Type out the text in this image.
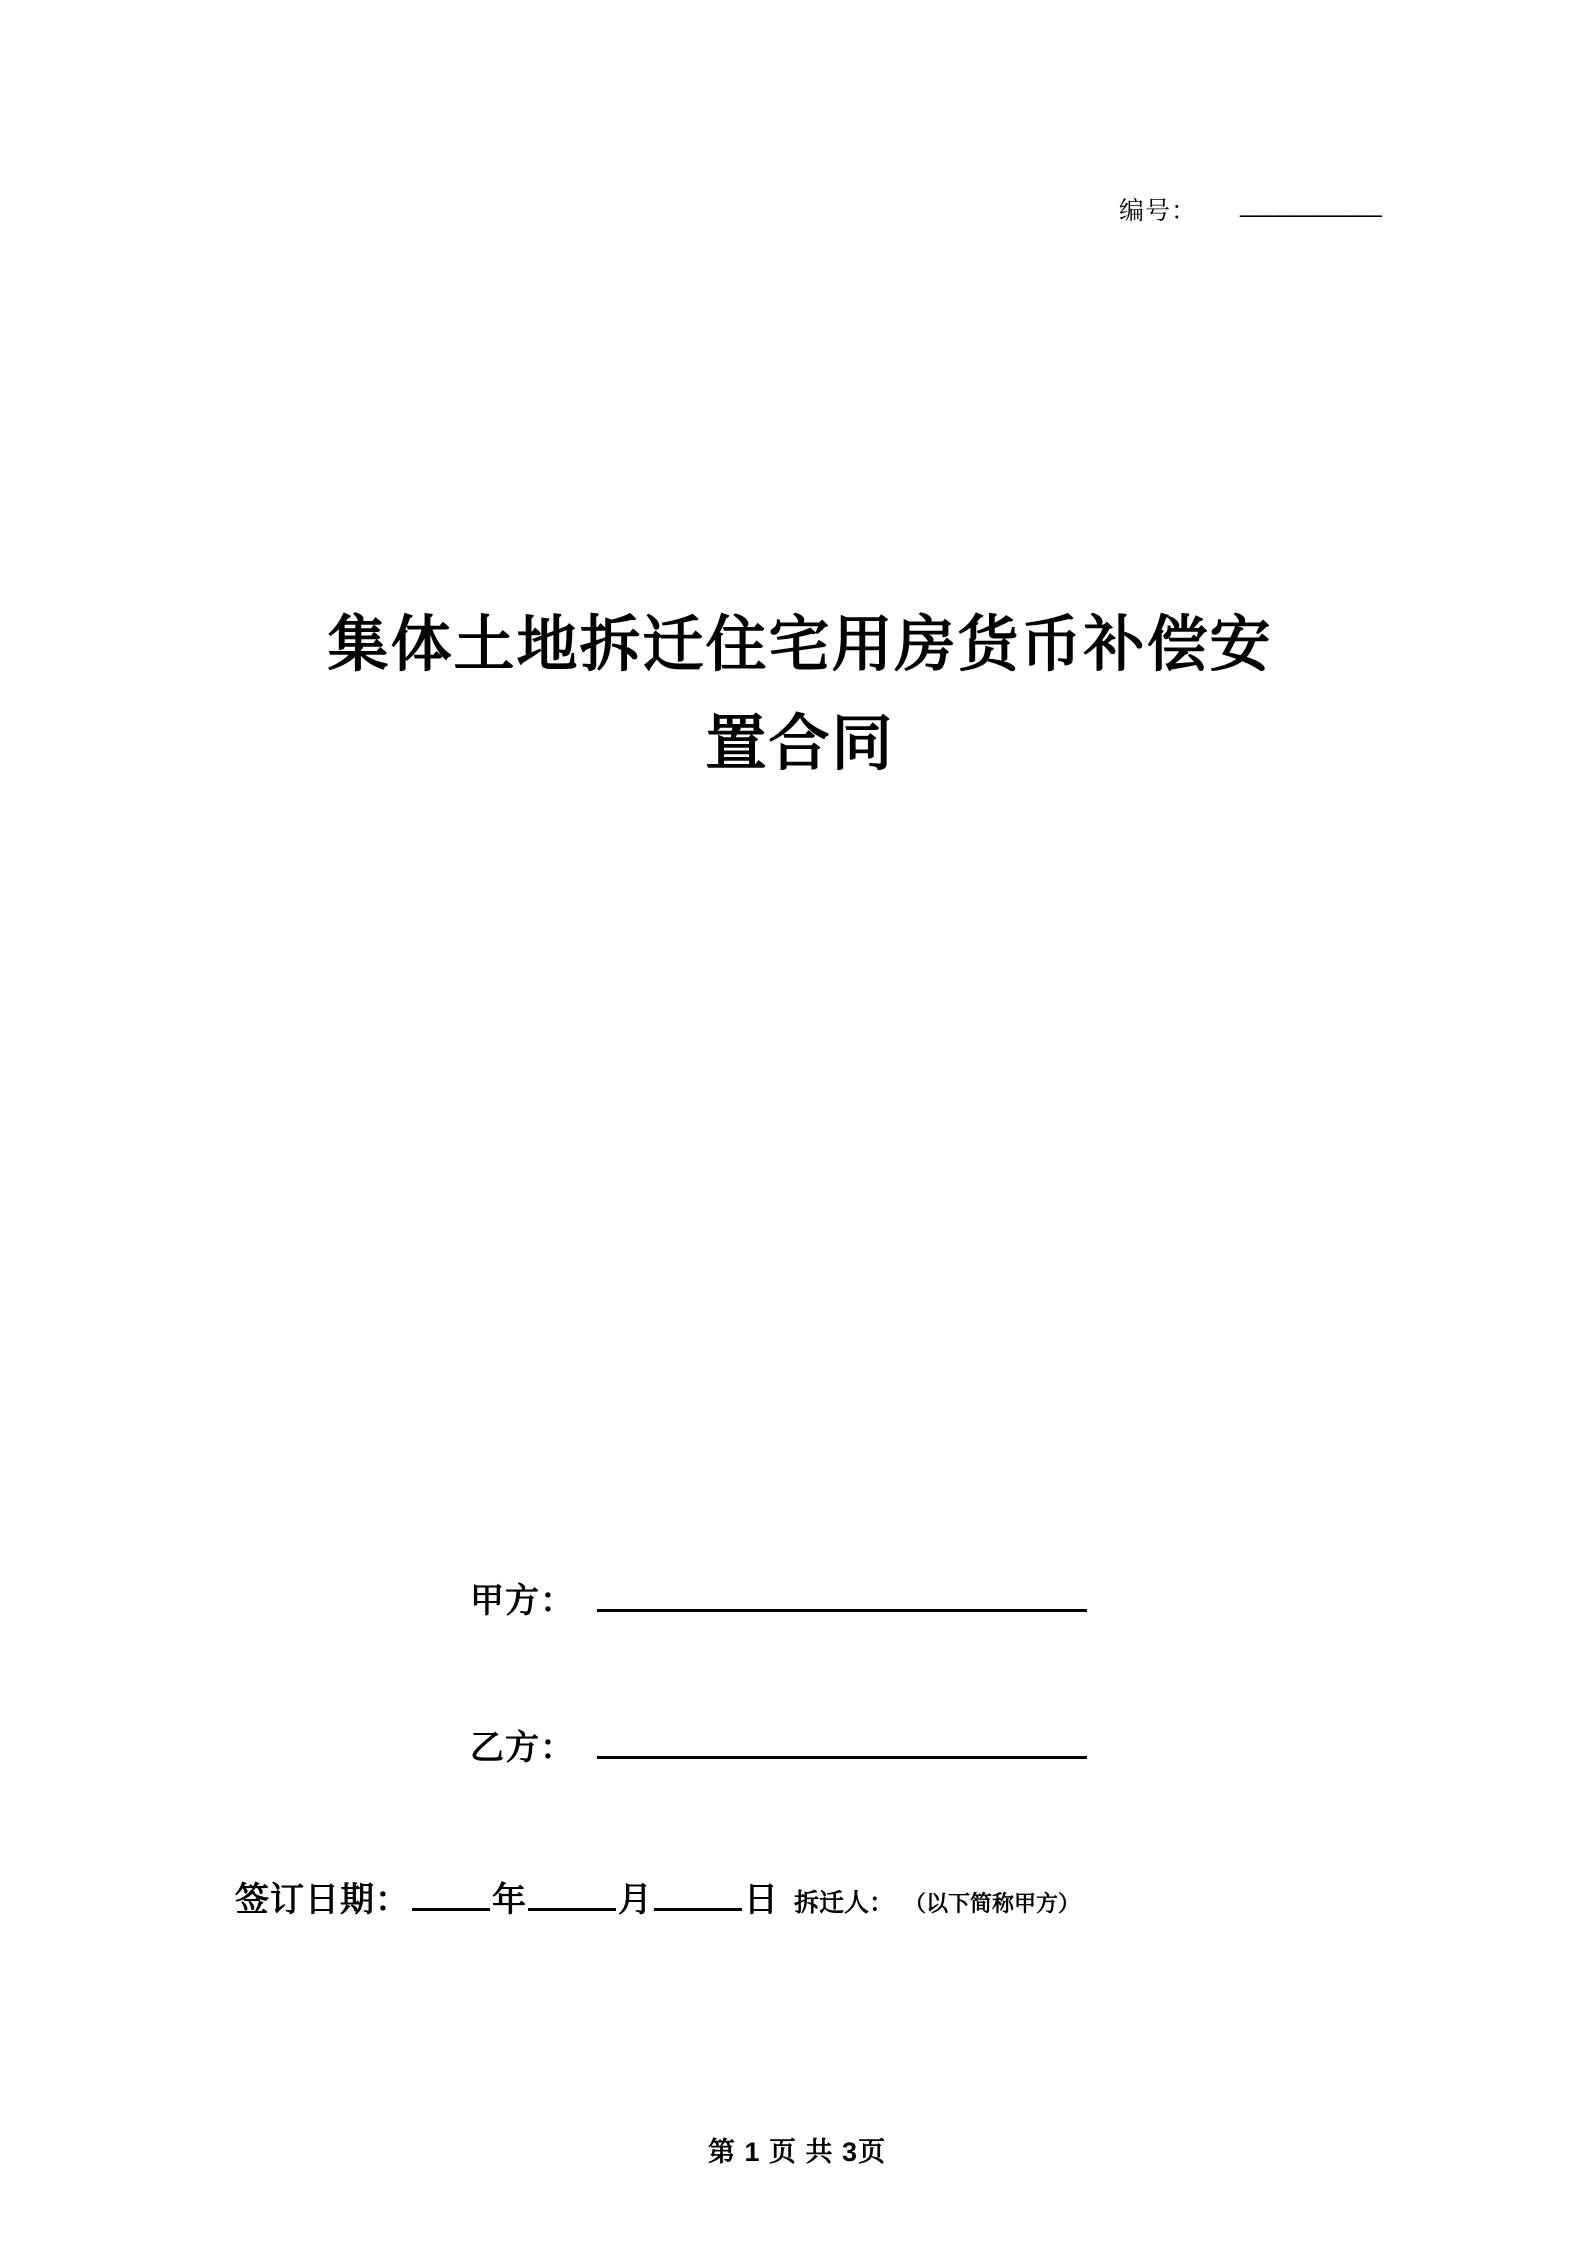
编号： ___________
集体土地拆迁住宅用房货币补偿安
置合同
甲方：
乙方：
签订日期： 年	月	日 拆迁人： （以下简称甲方）
第 1 页 共 3页
